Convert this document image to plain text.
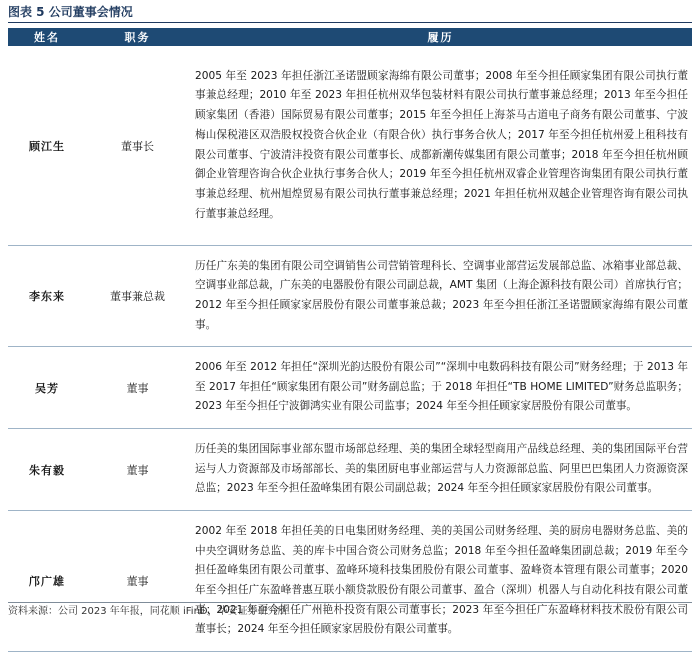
图表 5 公司董事会情况
姓名	职务	履历
顾江生	董事长	2005 年至 2023 年担任浙江圣诺盟顾家海绵有限公司董事；2008 年至今担任顾家集团有限公司执行董事兼总经理；2010 年至 2023 年担任杭州双华包装材料有限公司执行董事兼总经理；2013 年至今担任顾家集团（香港）国际贸易有限公司董事；2015 年至今担任上海茶马古道电子商务有限公司董事、宁波梅山保税港区双浩股权投资合伙企业（有限合伙）执行事务合伙人；2017 年至今担任杭州爱上租科技有限公司董事、宁波清沣投资有限公司董事长、成都新潮传媒集团有限公司董事；2018 年至今担任杭州顾御企业管理咨询合伙企业执行事务合伙人；2019 年至今担任杭州双睿企业管理咨询集团有限公司执行董事兼总经理、杭州旭煌贸易有限公司执行董事兼总经理；2021 年担任杭州双越企业管理咨询有限公司执行董事兼总经理。
李东来	董事兼总裁	历任广东美的集团有限公司空调销售公司营销管理科长、空调事业部营运发展部总监、冰箱事业部总裁、空调事业部总裁，广东美的电器股份有限公司副总裁，AMT 集团（上海企源科技有限公司）首席执行官；2012 年至今担任顾家家居股份有限公司董事兼总裁；2023 年至今担任浙江圣诺盟顾家海绵有限公司董事。
吴芳	董事	2006 年至 2012 年担任“深圳光韵达股份有限公司”“深圳中电数码科技有限公司”财务经理；于 2013 年至 2017 年担任“顾家集团有限公司”财务副总监；于 2018 年担任“TB HOME LIMITED”财务总监职务；2023 年至今担任宁波御鸿实业有限公司监事；2024 年至今担任顾家家居股份有限公司董事。
朱有毅	董事	历任美的集团国际事业部东盟市场部总经理、美的集团全球轻型商用产品线总经理、美的集团国际平台营运与人力资源部及市场部部长、美的集团厨电事业部运营与人力资源部总监、阿里巴巴集团人力资源资深总监；2023 年至今担任盈峰集团有限公司副总裁；2024 年至今担任顾家家居股份有限公司董事。
邝广雄	董事	2002 年至 2018 年担任美的日电集团财务经理、美的美国公司财务经理、美的厨房电器财务总监、美的中央空调财务总监、美的库卡中国合资公司财务总监；2018 年至今担任盈峰集团副总裁；2019 年至今担任盈峰集团有限公司董事、盈峰环境科技集团股份有限公司董事、盈峰资本管理有限公司董事；2020 年至今担任广东盈峰普惠互联小额贷款股份有限公司董事、盈合（深圳）机器人与自动化科技有限公司董事；2021 年至今担任广州艳朴投资有限公司董事长；2023 年至今担任广东盈峰材料技术股份有限公司董事长；2024 年至今担任顾家家居股份有限公司董事。
资料来源：公司 2023 年年报，同花顺 iFinD，华安证券研究所
